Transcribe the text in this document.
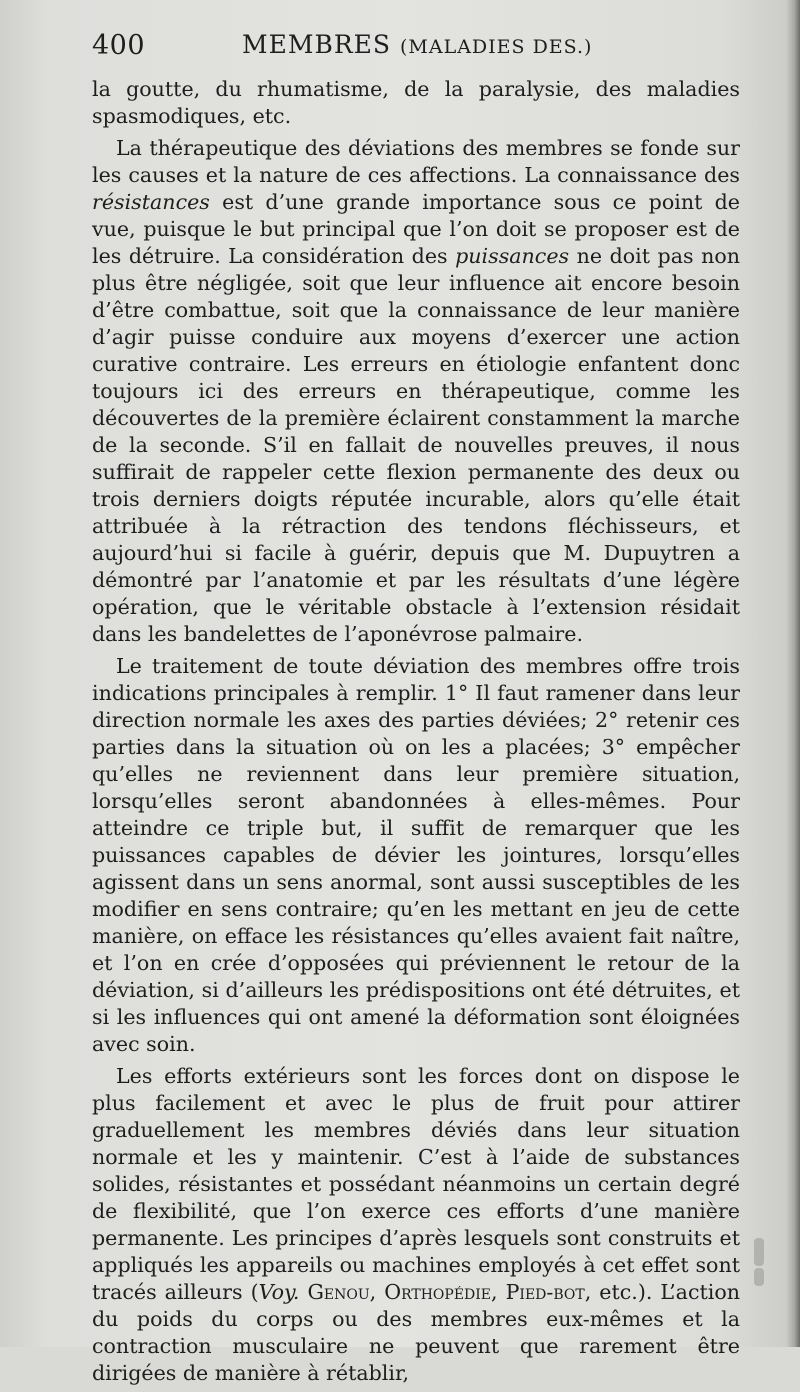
400	MEMBRES (MALADIES DES.)

la goutte, du rhumatisme, de la paralysie, des maladies spasmodiques, etc.

La thérapeutique des déviations des membres se fonde sur les causes et la nature de ces affections. La connaissance des résistances est d’une grande importance sous ce point de vue, puisque le but principal que l’on doit se proposer est de les détruire. La considération des puissances ne doit pas non plus être négligée, soit que leur influence ait encore besoin d’être combattue, soit que la connaissance de leur manière d’agir puisse conduire aux moyens d’exercer une action curative contraire. Les erreurs en étiologie enfantent donc toujours ici des erreurs en thérapeutique, comme les découvertes de la première éclairent constamment la marche de la seconde. S’il en fallait de nouvelles preuves, il nous suffirait de rappeler cette flexion permanente des deux ou trois derniers doigts réputée incurable, alors qu’elle était attribuée à la rétraction des tendons fléchisseurs, et aujourd’hui si facile à guérir, depuis que M. Dupuytren a démontré par l’anatomie et par les résultats d’une légère opération, que le véritable obstacle à l’extension résidait dans les bandelettes de l’aponévrose palmaire.

Le traitement de toute déviation des membres offre trois indications principales à remplir. 1° Il faut ramener dans leur direction normale les axes des parties déviées; 2° retenir ces parties dans la situation où on les a placées; 3° empêcher qu’elles ne reviennent dans leur première situation, lorsqu’elles seront abandonnées à elles-mêmes. Pour atteindre ce triple but, il suffit de remarquer que les puissances capables de dévier les jointures, lorsqu’elles agissent dans un sens anormal, sont aussi susceptibles de les modifier en sens contraire; qu’en les mettant en jeu de cette manière, on efface les résistances qu’elles avaient fait naître, et l’on en crée d’opposées qui préviennent le retour de la déviation, si d’ailleurs les prédispositions ont été détruites, et si les influences qui ont amené la déformation sont éloignées avec soin.

Les efforts extérieurs sont les forces dont on dispose le plus facilement et avec le plus de fruit pour attirer graduellement les membres déviés dans leur situation normale et les y maintenir. C’est à l’aide de substances solides, résistantes et possédant néanmoins un certain degré de flexibilité, que l’on exerce ces efforts d’une manière permanente. Les principes d’après lesquels sont construits et appliqués les appareils ou machines employés à cet effet sont tracés ailleurs (Voy. Genou, Orthopédie, Pied-bot, etc.). L’action du poids du corps ou des membres eux-mêmes et la contraction musculaire ne peuvent que rarement être dirigées de manière à rétablir,
